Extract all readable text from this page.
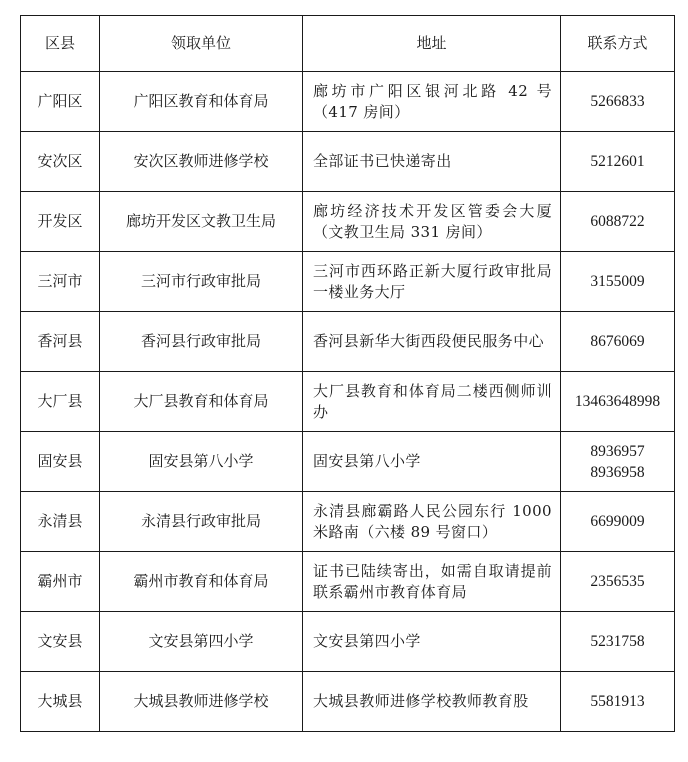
区县	领取单位	地址	联系方式
广阳区	广阳区教育和体育局	廊坊市广阳区银河北路 42 号（417 房间）	5266833

安次区	安次区教师进修学校	全部证书已快递寄出	5212601

开发区	廊坊开发区文教卫生局	廊坊经济技术开发区管委会大厦（文教卫生局 331 房间）	6088722

三河市	三河市行政审批局	三河市西环路正新大厦行政审批局一楼业务大厅	3155009

香河县	香河县行政审批局	香河县新华大街西段便民服务中心	8676069

大厂县	大厂县教育和体育局	大厂县教育和体育局二楼西侧师训办	13463648998

固安县	固安县第八小学	固安县第八小学	8936957
8936958

永清县	永清县行政审批局	永清县廊霸路人民公园东行 1000 米路南（六楼 89 号窗口）	6699009

霸州市	霸州市教育和体育局	证书已陆续寄出，如需自取请提前联系霸州市教育体育局	2356535

文安县	文安县第四小学	文安县第四小学	5231758

大城县	大城县教师进修学校	大城县教师进修学校教师教育股	5581913
